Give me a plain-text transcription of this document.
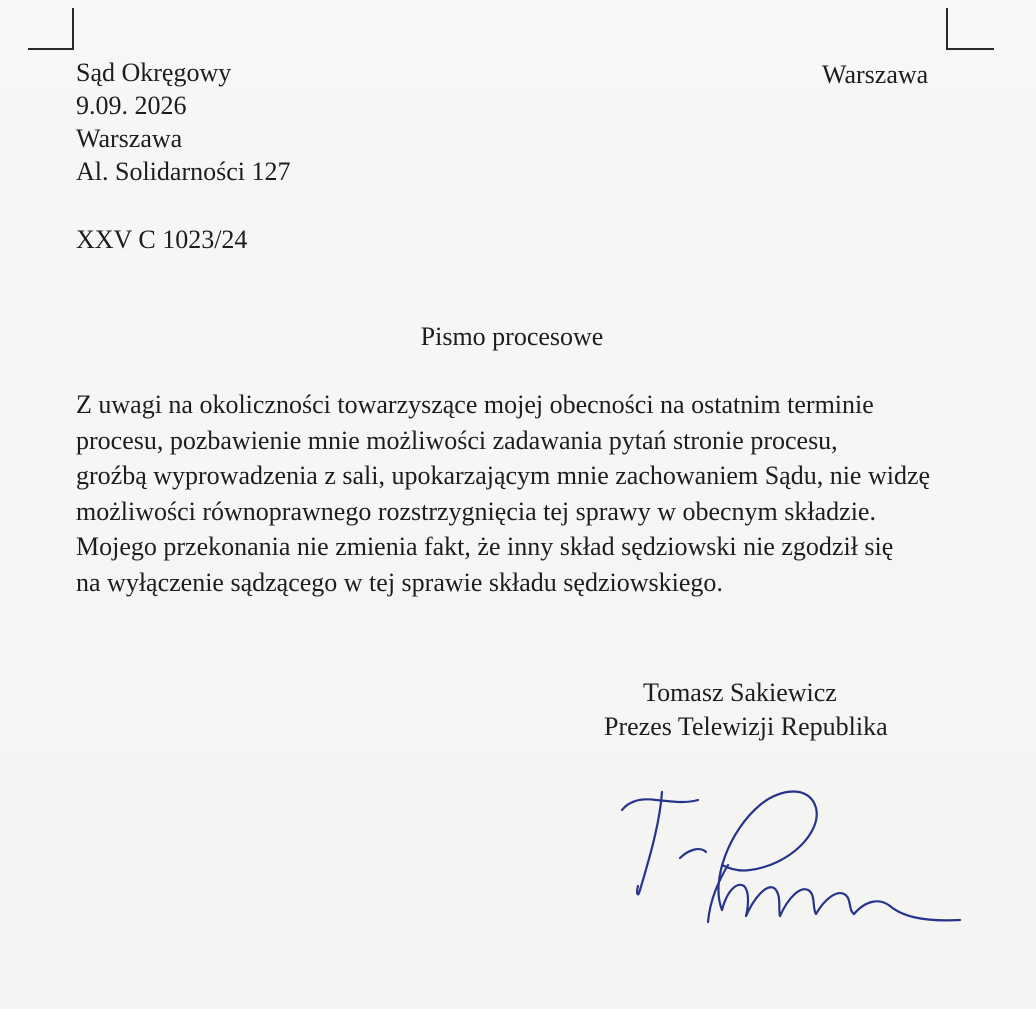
Sąd Okręgowy
9.09. 2026
Warszawa
Al. Solidarności 127
Warszawa
XXV C 1023/24
Pismo procesowe
Z uwagi na okoliczności towarzyszące mojej obecności na ostatnim terminie
procesu, pozbawienie mnie możliwości zadawania pytań stronie procesu,
groźbą wyprowadzenia z sali, upokarzającym mnie zachowaniem Sądu, nie widzę
możliwości równoprawnego rozstrzygnięcia tej sprawy w obecnym składzie.
Mojego przekonania nie zmienia fakt, że inny skład sędziowski nie zgodził się
na wyłączenie sądzącego w tej sprawie składu sędziowskiego.
Tomasz Sakiewicz
Prezes Telewizji Republika
